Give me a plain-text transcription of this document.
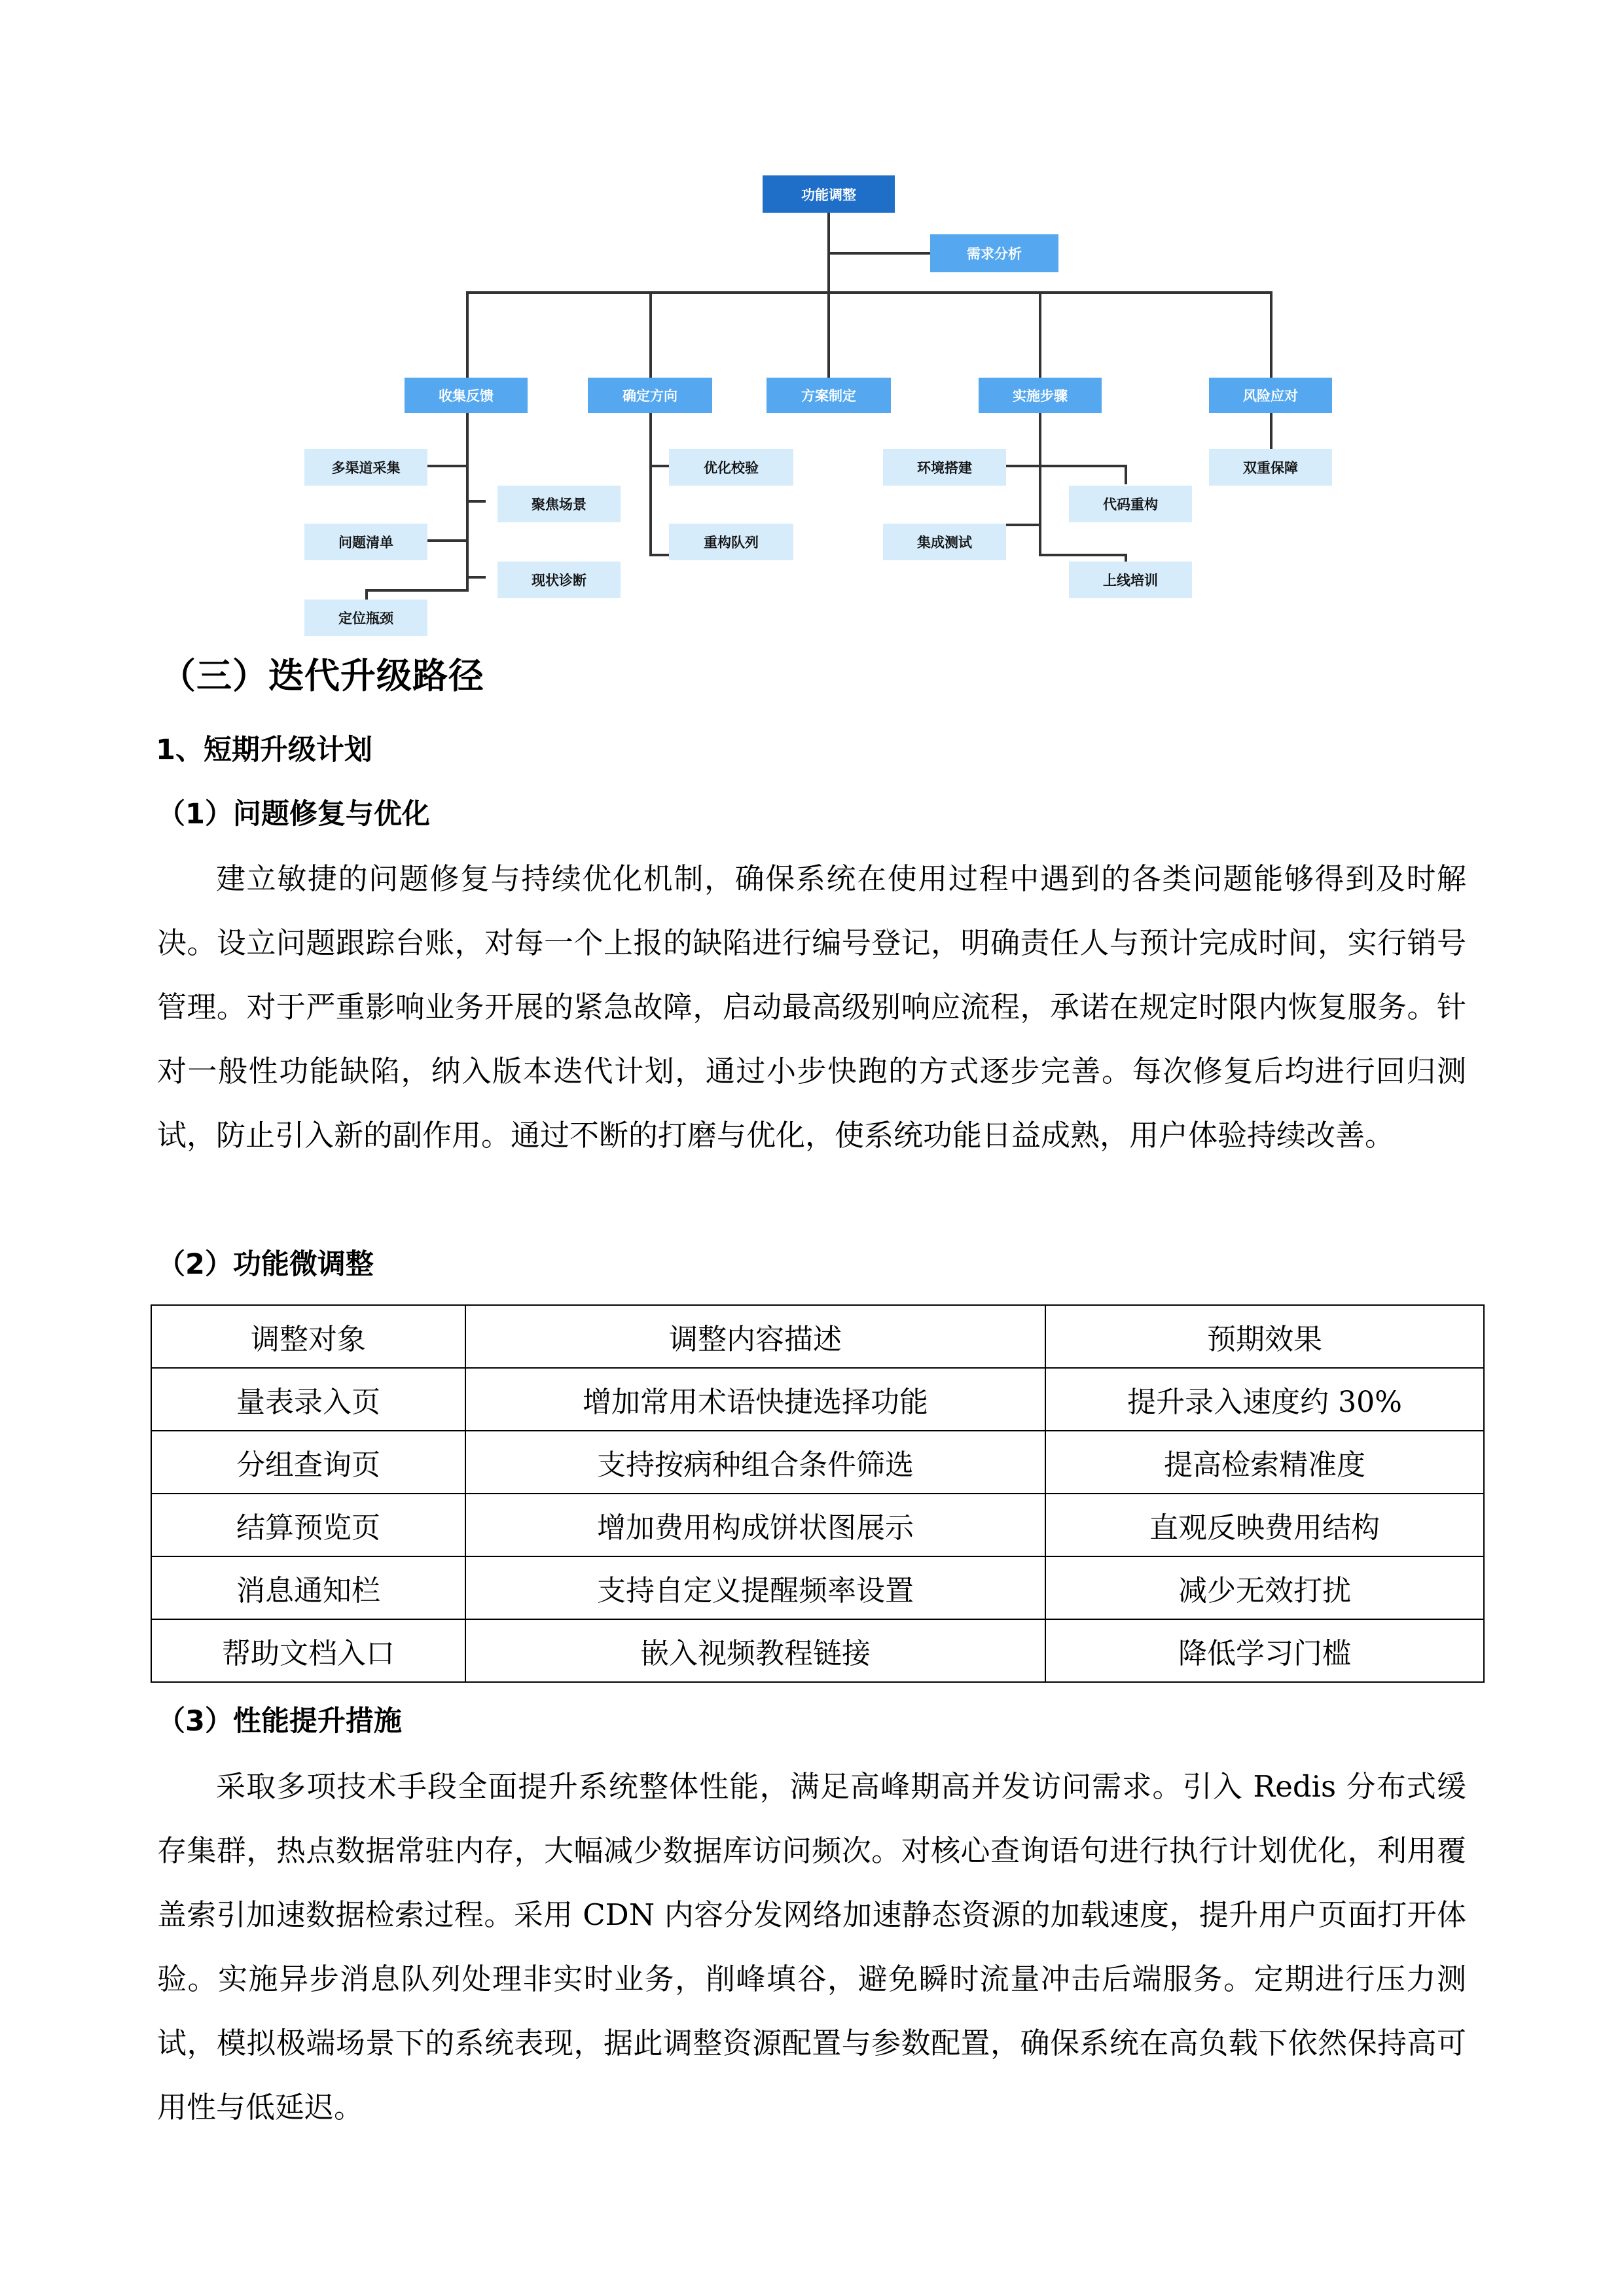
功能调整
需求分析
收集反馈	确定方向	方案制定	实施步骤	风险应对
多渠道采集
聚焦场景
问题清单
现状诊断
定位瓶颈
优化校验
重构队列
环境搭建
代码重构
集成测试
上线培训
双重保障
（三）迭代升级路径
1、短期升级计划
（1）问题修复与优化

建立敏捷的问题修复与持续优化机制，确保系统在使用过程中遇到的各类问题能够得到及时解决。设立问题跟踪台账，对每一个上报的缺陷进行编号登记，明确责任人与预计完成时间，实行销号管理。对于严重影响业务开展的紧急故障，启动最高级别响应流程，承诺在规定时限内恢复服务。针对一般性功能缺陷，纳入版本迭代计划，通过小步快跑的方式逐步完善。每次修复后均进行回归测试，防止引入新的副作用。通过不断的打磨与优化，使系统功能日益成熟，用户体验持续改善。

（2）功能微调整
调整对象	调整内容描述	预期效果
量表录入页	增加常用术语快捷选择功能	提升录入速度约 30%
分组查询页	支持按病种组合条件筛选	提高检索精准度
结算预览页	增加费用构成饼状图展示	直观反映费用结构
消息通知栏	支持自定义提醒频率设置	减少无效打扰
帮助文档入口	嵌入视频教程链接	降低学习门槛
（3）性能提升措施

采取多项技术手段全面提升系统整体性能，满足高峰期高并发访问需求。引入 Redis 分布式缓存集群，热点数据常驻内存，大幅减少数据库访问频次。对核心查询语句进行执行计划优化，利用覆盖索引加速数据检索过程。采用 CDN 内容分发网络加速静态资源的加载速度，提升用户页面打开体验。实施异步消息队列处理非实时业务，削峰填谷，避免瞬时流量冲击后端服务。定期进行压力测试，模拟极端场景下的系统表现，据此调整资源配置与参数配置，确保系统在高负载下依然保持高可用性与低延迟。
